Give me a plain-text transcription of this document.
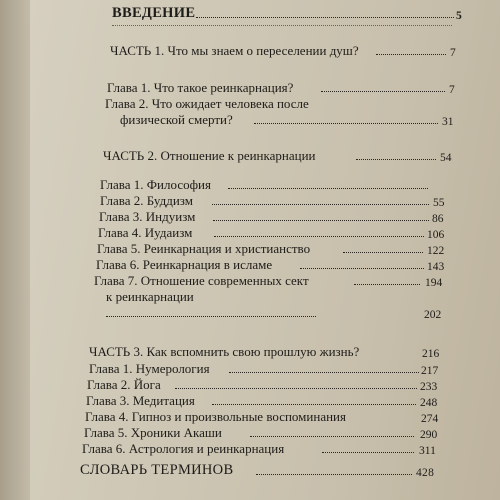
ВВЕДЕНИЕ	5
ЧАСТЬ 1. Что мы знаем о переселении душ?	7
Глава 1. Что такое реинкарнация?	7
Глава 2. Что ожидает человека после
физической смерти?	31
ЧАСТЬ 2. Отношение к реинкарнации	54
Глава 1. Философия
Глава 2. Буддизм	55
Глава 3. Индуизм	86
Глава 4. Иудаизм	106
Глава 5. Реинкарнация и христианство	122
Глава 6. Реинкарнация в исламе	143
Глава 7. Отношение современных сект	194
к реинкарнации
202
ЧАСТЬ 3. Как вспомнить свою прошлую жизнь?	216
Глава 1. Нумерология	217
Глава 2. Йога	233
Глава 3. Медитация	248
Глава 4. Гипноз и произвольные воспоминания	274
Глава 5. Хроники Акаши	290
Глава 6. Астрология и реинкарнация	311
СЛОВАРЬ ТЕРМИНОВ	428
